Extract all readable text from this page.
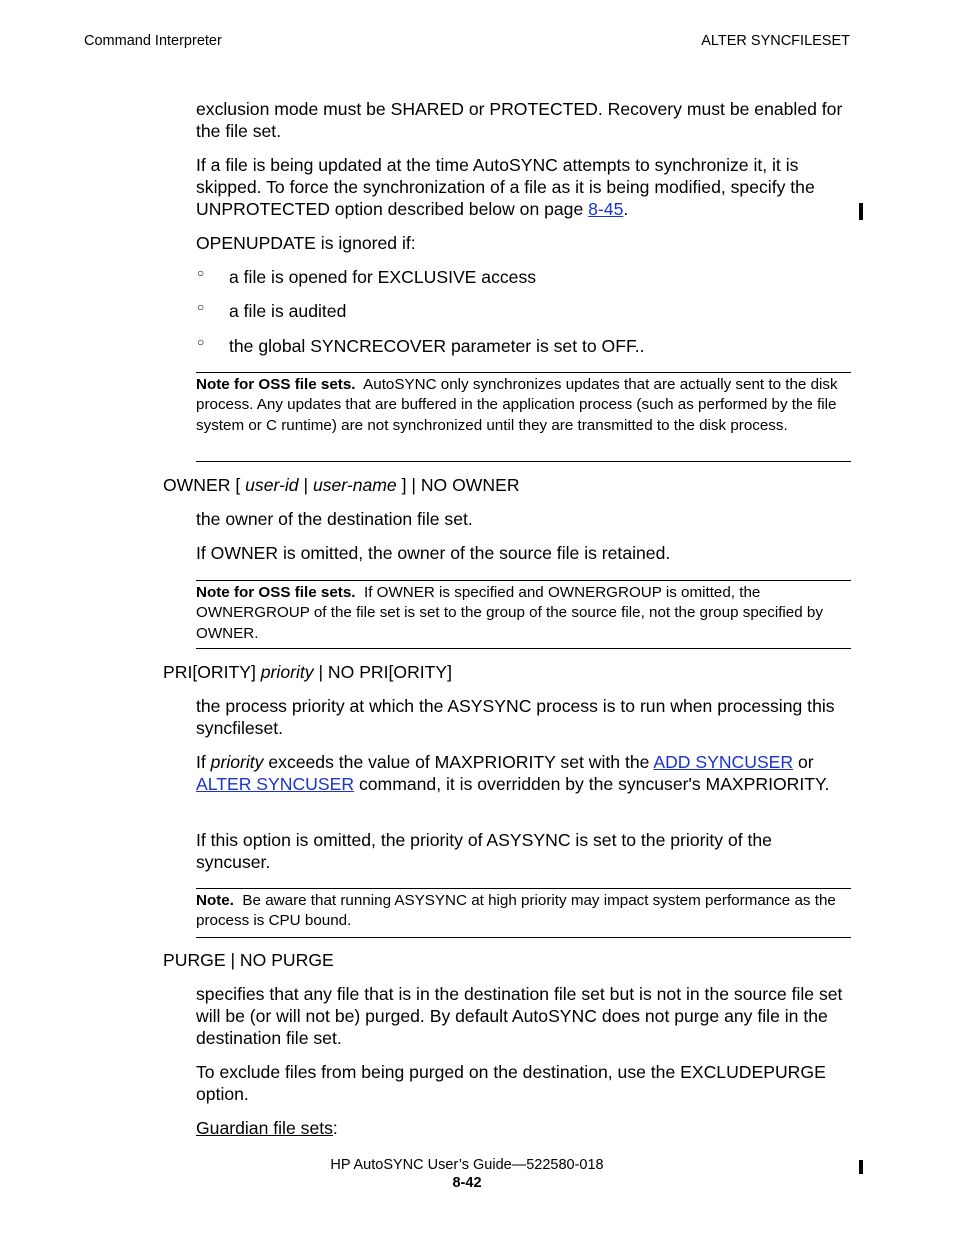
Command Interpreter	ALTER SYNCFILESET
exclusion mode must be SHARED or PROTECTED. Recovery must be enabled for the file set.
If a file is being updated at the time AutoSYNC attempts to synchronize it, it is skipped. To force the synchronization of a file as it is being modified, specify the UNPROTECTED option described below on page 8-45.
OPENUPDATE is ignored if:
○ a file is opened for EXCLUSIVE access
○ a file is audited
○ the global SYNCRECOVER parameter is set to OFF..
Note for OSS file sets. AutoSYNC only synchronizes updates that are actually sent to the disk process. Any updates that are buffered in the application process (such as performed by the file system or C runtime) are not synchronized until they are transmitted to the disk process.
OWNER [ user-id | user-name ] | NO OWNER
the owner of the destination file set.
If OWNER is omitted, the owner of the source file is retained.
Note for OSS file sets. If OWNER is specified and OWNERGROUP is omitted, the OWNERGROUP of the file set is set to the group of the source file, not the group specified by OWNER.
PRI[ORITY] priority | NO PRI[ORITY]
the process priority at which the ASYSYNC process is to run when processing this syncfileset.
If priority exceeds the value of MAXPRIORITY set with the ADD SYNCUSER or ALTER SYNCUSER command, it is overridden by the syncuser's MAXPRIORITY.
If this option is omitted, the priority of ASYSYNC is set to the priority of the syncuser.
Note. Be aware that running ASYSYNC at high priority may impact system performance as the process is CPU bound.
PURGE | NO PURGE
specifies that any file that is in the destination file set but is not in the source file set will be (or will not be) purged. By default AutoSYNC does not purge any file in the destination file set.
To exclude files from being purged on the destination, use the EXCLUDEPURGE option.
Guardian file sets:
HP AutoSYNC User’s Guide—522580-018
8-42
